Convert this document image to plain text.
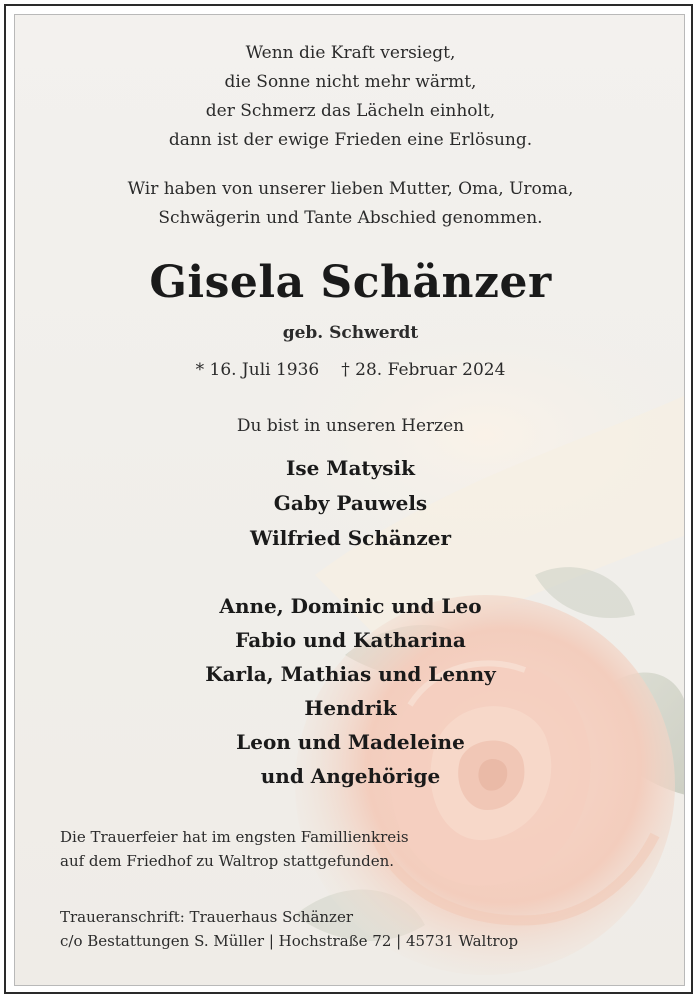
Wenn die Kraft versiegt,
die Sonne nicht mehr wärmt,
der Schmerz das Lächeln einholt,
dann ist der ewige Frieden eine Erlösung.
Wir haben von unserer lieben Mutter, Oma, Uroma,
Schwägerin und Tante Abschied genommen.
Gisela Schänzer
geb. Schwerdt
* 16. Juli 1936 † 28. Februar 2024
Du bist in unseren Herzen
Ise Matysik
Gaby Pauwels
Wilfried Schänzer
Anne, Dominic und Leo
Fabio und Katharina
Karla, Mathias und Lenny
Hendrik
Leon und Madeleine
und Angehörige
Die Trauerfeier hat im engsten Famillienkreis
auf dem Friedhof zu Waltrop stattgefunden.
Traueranschrift: Trauerhaus Schänzer
c/o Bestattungen S. Müller | Hochstraße 72 | 45731 Waltrop
